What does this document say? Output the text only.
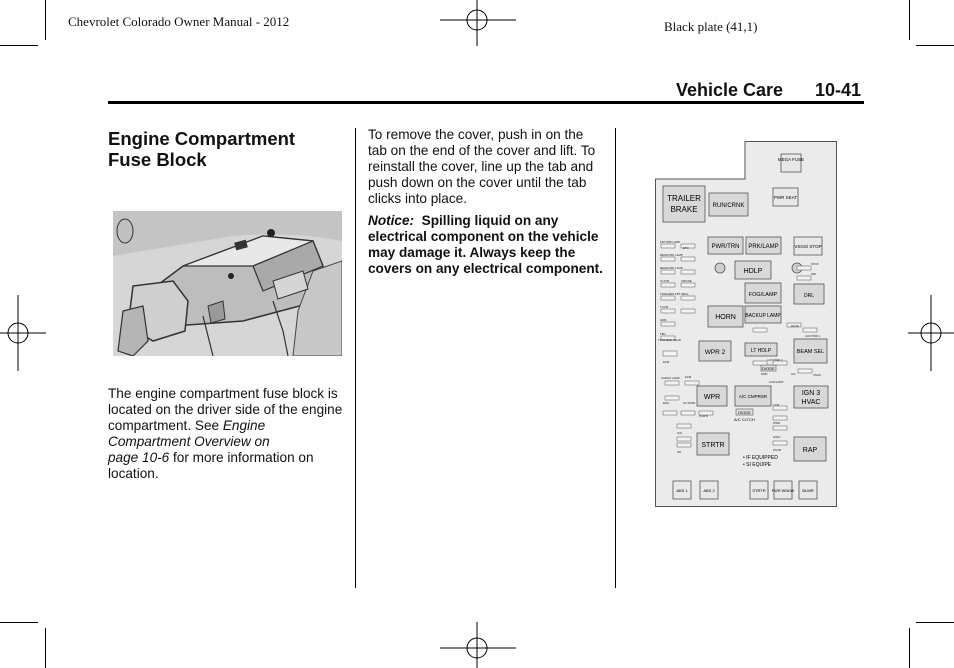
Chevrolet Colorado Owner Manual - 2012	Black plate (41,1)
Vehicle Care 10-41
Engine Compartment
Fuse Block
The engine compartment fuse block is located on the driver side of the engine compartment. See Engine Compartment Overview on
page 10-6 for more information on location.

To remove the cover, push in on the tab on the end of the cover and lift. To reinstall the cover, line up the tab and push down on the cover until the tab clicks into place.

Notice: Spilling liquid on any electrical component on the vehicle may damage it. Always keep the covers on any electrical component.

MEGA FUSE
PWR SEAT
TRAILER
BRAKE	RUN/CRNK
PWR/TRN PRK/LAMP	VSGS/ STOP
HDLP
FOG/LAMP	DRL
HORN BACKUP LAMP
WPR 2	LT HDLP	BEAM SEL
WPR	A/C CMPRSR	IGN 3
HVAC
STRTR
RAP
DIODE
DIODE
A/C CLTCH
• IF EQUIPPED
• SI EQUIPE
ABS 1	ABS 2	STRTR PWR WNDW BLWR
FRT PRK LAMP
REAR PRK LAMP
REAR PRK LAMP
CLSTR
TRN/HZRD FRT
TCCM
HDM
TBC
TRN/HZRD REAR
ECM
CARGO LAMP
STOP
DRL
AUX PWR 1
AUX PWR 2
VSGS
ENG	O2 SNSR
IGN
INJ
ETC
CRUISE
SBLG
ECM
PCM B
TCM
WSW
HVAC
PSCM
WPR	A/C
FOG/LAMP
ROOF
